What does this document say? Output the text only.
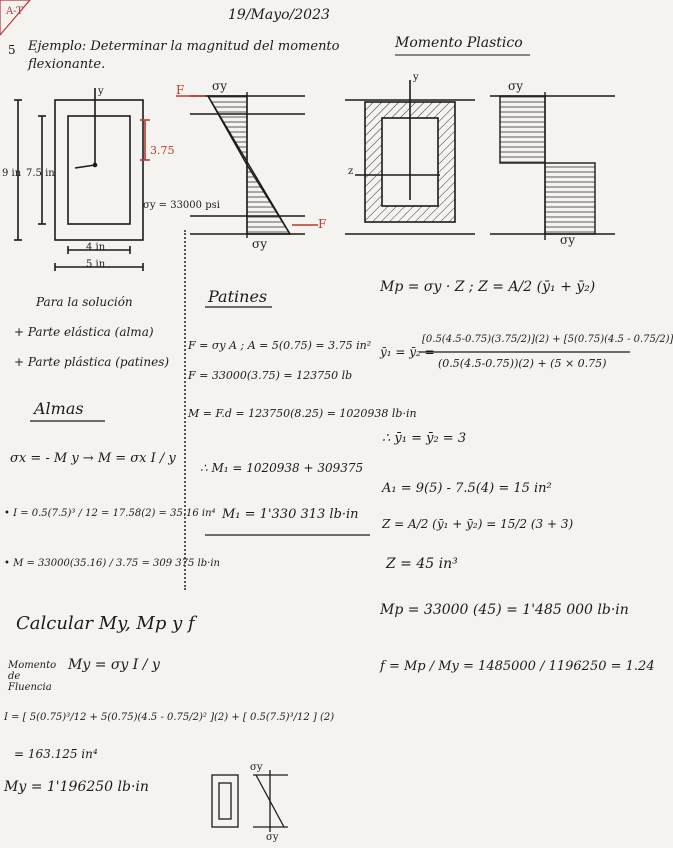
A-T
5
19/Mayo/2023
Ejemplo: Determinar la magnitud del momento
flexionante.
y
9 in 7.5 in
3.75
4 in
5 in
σy = 33000 psi
σy
σy
F
F
Momento Plastico
y
z
σy
σy
Para la solución
+ Parte elástica (alma)
+ Parte plástica (patines)
Almas
σx = - M y → M = σx I / y
• I = 0.5(7.5)³ / 12 = 17.58(2) = 35.16 in⁴
• M = 33000(35.16) / 3.75 = 309 375 lb·in
Patines
F = σy A ; A = 5(0.75) = 3.75 in²
F = 33000(3.75) = 123750 lb
M = F.d = 123750(8.25) = 1020938 lb·in
∴ M₁ = 1020938 + 309375
M₁ = 1'330 313 lb·in
Calcular My, Mp y f
Momento de Fluencia
My = σy I / y
I = [ 5(0.75)³/12 + 5(0.75)(4.5 - 0.75/2)² ](2) + [ 0.5(7.5)³/12 ] (2)
= 163.125 in⁴
My = 1'196250 lb·in
σy
σy
Mp = σy · Z ; Z = A/2 (ȳ₁ + ȳ₂)
ȳ₁ = ȳ₂ =
[0.5(4.5-0.75)(3.75/2)](2) + [5(0.75)(4.5 - 0.75/2)]
(0.5(4.5-0.75))(2) + (5 × 0.75)
∴ ȳ₁ = ȳ₂ = 3
A₁ = 9(5) - 7.5(4) = 15 in²
Z = A/2 (ȳ₁ + ȳ₂) = 15/2 (3 + 3)
Z = 45 in³
Mp = 33000 (45) = 1'485 000 lb·in
f = Mp / My = 1485000 / 1196250 = 1.24
